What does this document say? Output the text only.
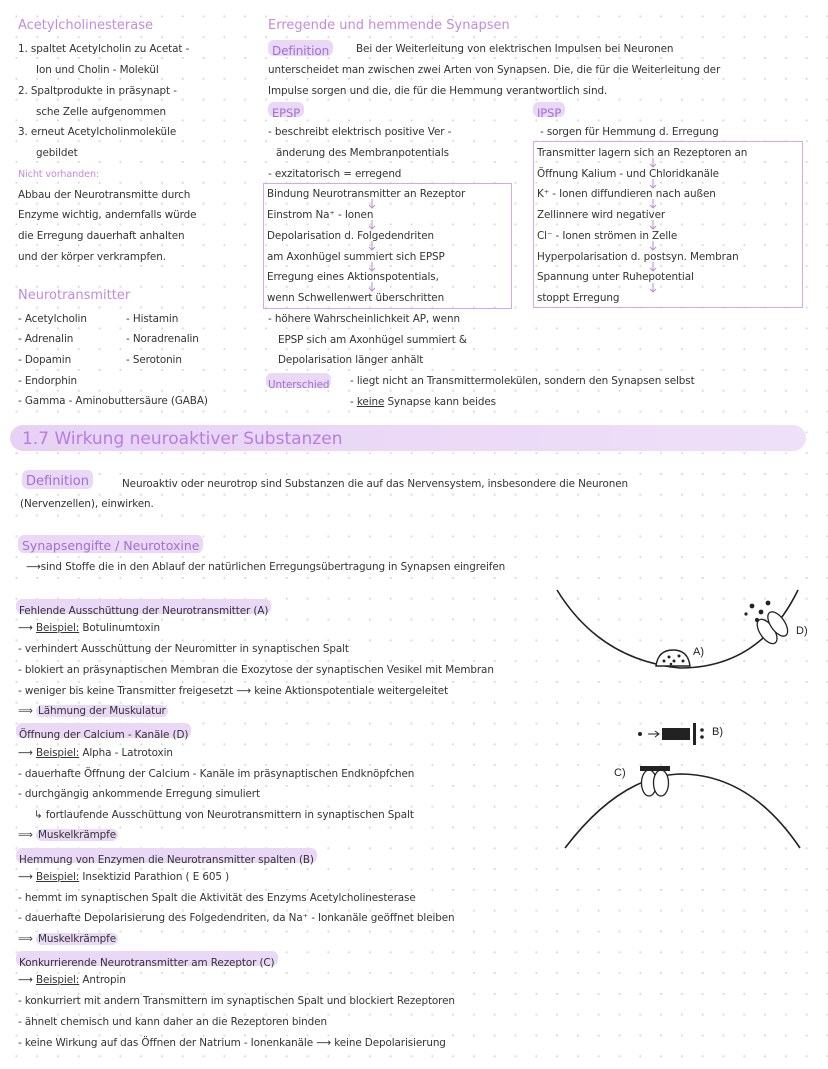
Acetylcholinesterase
1. spaltet Acetylcholin zu Acetat -
Ion und Cholin - Molekül
2. Spaltprodukte in präsynapt -
sche Zelle aufgenommen
3. erneut Acetylcholinmoleküle
gebildet
Nicht vorhanden:
Abbau der Neurotransmitte durch
Enzyme wichtig, andernfalls würde
die Erregung dauerhaft anhalten
und der körper verkrampfen.
Neurotransmitter
- Acetylcholin
- Adrenalin
- Dopamin
- Endorphin
- Gamma - Aminobuttersäure (GABA)
- Histamin
- Noradrenalin
- Serotonin
Erregende und hemmende Synapsen
Definition	Bei der Weiterleitung von elektrischen Impulsen bei Neuronen
unterscheidet man zwischen zwei Arten von Synapsen. Die, die für die Weiterleitung der
Impulse sorgen und die, die für die Hemmung verantwortlich sind.
EPSP
- beschreibt elektrisch positive Ver -
änderung des Membranpotentials
- exzitatorisch = erregend
Bindung Neurotransmitter an Rezeptor
Einstrom Na⁺ - Ionen
Depolarisation d. Folgedendriten
am Axonhügel summiert sich EPSP
Erregung eines Aktionspotentials,
wenn Schwellenwert überschritten
- höhere Wahrscheinlichkeit AP, wenn
EPSP sich am Axonhügel summiert &
Depolarisation länger anhält
IPSP
- sorgen für Hemmung d. Erregung
Transmitter lagern sich an Rezeptoren an
Öffnung Kalium - und Chloridkanäle
K⁺ - Ionen diffundieren nach außen
Zellinnere wird negativer
Cl⁻ - Ionen strömen in Zelle
Hyperpolarisation d. postsyn. Membran
Spannung unter Ruhepotential
stoppt Erregung
Unterschied - liegt nicht an Transmittermolekülen, sondern den Synapsen selbst
- keine Synapse kann beides
1.7 Wirkung neuroaktiver Substanzen
Definition	Neuroaktiv oder neurotrop sind Substanzen die auf das Nervensystem, insbesondere die Neuronen
(Nervenzellen), einwirken.
Synapsengifte / Neurotoxine
⟶sind Stoffe die in den Ablauf der natürlichen Erregungsübertragung in Synapsen eingreifen
Fehlende Ausschüttung der Neurotransmitter (A)
⟶ Beispiel: Botulinumtoxin
- verhindert Ausschüttung der Neuromitter in synaptischen Spalt
- blokiert an präsynaptischen Membran die Exozytose der synaptischen Vesikel mit Membran
- weniger bis keine Transmitter freigesetzt ⟶ keine Aktionspotentiale weitergeleitet
⟹ Lähmung der Muskulatur
Öffnung der Calcium - Kanäle (D)
⟶ Beispiel: Alpha - Latrotoxin
- dauerhafte Öffnung der Calcium - Kanäle im präsynaptischen Endknöpfchen
- durchgängig ankommende Erregung simuliert
↳ fortlaufende Ausschüttung von Neurotransmittern in synaptischen Spalt
⟹ Muskelkrämpfe
Hemmung von Enzymen die Neurotransmitter spalten (B)
⟶ Beispiel: Insektizid Parathion ( E 605 )
- hemmt im synaptischen Spalt die Aktivität des Enzyms Acetylcholinesterase
- dauerhafte Depolarisierung des Folgedendriten, da Na⁺ - Ionkanäle geöffnet bleiben
⟹ Muskelkrämpfe
Konkurrierende Neurotransmitter am Rezeptor (C)
⟶ Beispiel: Antropin
- konkurriert mit andern Transmittern im synaptischen Spalt und blockiert Rezeptoren
- ähnelt chemisch und kann daher an die Rezeptoren binden
- keine Wirkung auf das Öffnen der Natrium - Ionenkanäle ⟶ keine Depolarisierung
A)
D)
B)
C)
